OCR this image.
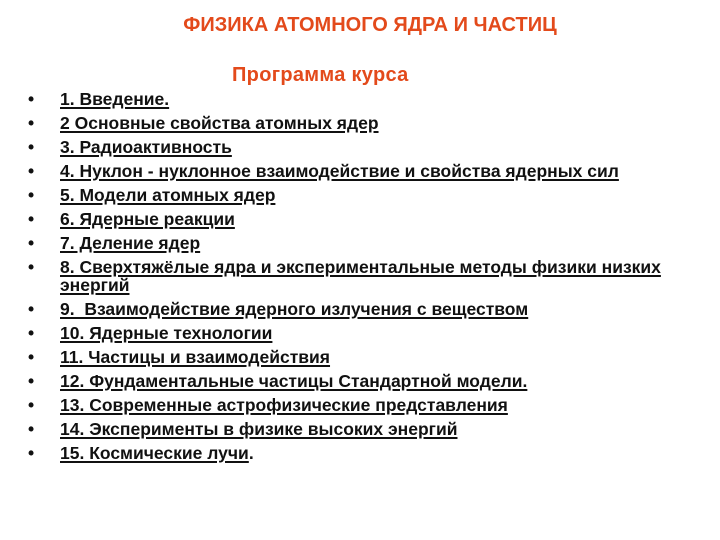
ФИЗИКА АТОМНОГО ЯДРА И ЧАСТИЦ
Программа курса
• 1. Введение.
• 2 Основные свойства атомных ядер
• 3. Радиоактивность
• 4. Нуклон - нуклонное взаимодействие и свойства ядерных сил
• 5. Модели атомных ядер
• 6. Ядерные реакции
• 7. Деление ядер
• 8. Сверхтяжёлые ядра и экспериментальные методы физики низких энергий
• 9.  Взаимодействие ядерного излучения с веществом
• 10. Ядерные технологии
• 11. Частицы и взаимодействия
• 12. Фундаментальные частицы Стандартной модели.
• 13. Современные астрофизические представления
• 14. Эксперименты в физике высоких энергий
• 15. Космические лучи.
